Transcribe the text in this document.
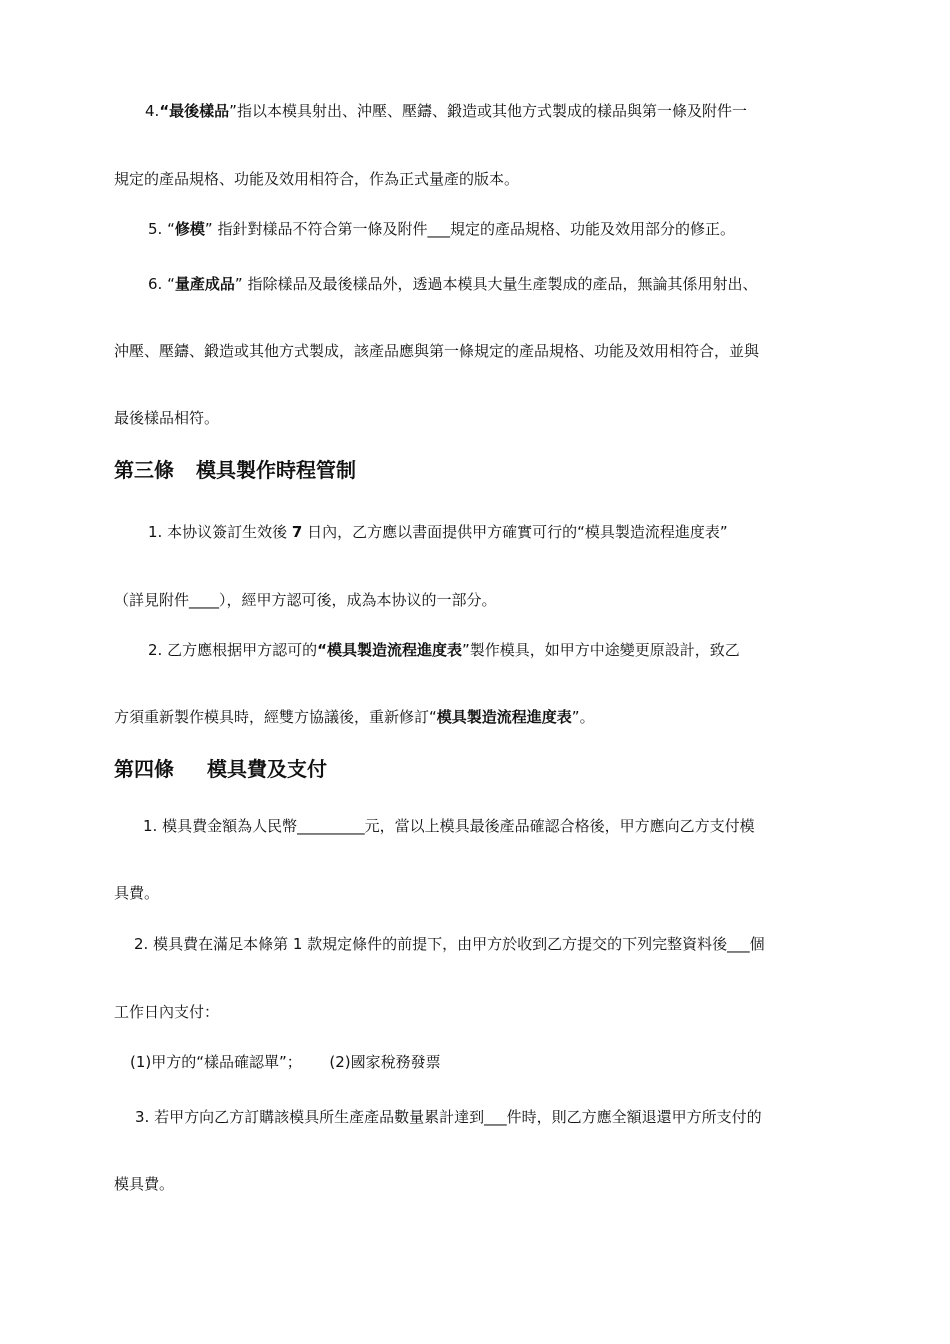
4.“最後樣品”指以本模具射出、沖壓、壓鑄、鍛造或其他方式製成的樣品與第一條及附件一
規定的產品規格、功能及效用相符合，作為正式量產的版本。
5. “修模” 指針對樣品不符合第一條及附件___規定的產品規格、功能及效用部分的修正。
6. “量產成品” 指除樣品及最後樣品外，透過本模具大量生產製成的產品，無論其係用射出、
沖壓、壓鑄、鍛造或其他方式製成，該產品應與第一條規定的產品規格、功能及效用相符合，並與
最後樣品相符。
第三條 模具製作時程管制
1. 本协议簽訂生效後 7 日內，乙方應以書面提供甲方確實可行的“模具製造流程進度表”
（詳見附件____），經甲方認可後，成為本协议的一部分。
2. 乙方應根据甲方認可的“模具製造流程進度表”製作模具，如甲方中途變更原設計，致乙
方須重新製作模具時，經雙方協議後，重新修訂“模具製造流程進度表”。
第四條 模具費及支付
1. 模具費金額為人民幣_________元，當以上模具最後產品確認合格後，甲方應向乙方支付模
具費。
2. 模具費在滿足本條第 1 款規定條件的前提下，由甲方於收到乙方提交的下列完整資料後___個
工作日內支付：
(1)甲方的“樣品確認單”； (2)國家稅務發票
3. 若甲方向乙方訂購該模具所生產產品數量累計達到___件時，則乙方應全額退還甲方所支付的
模具費。
